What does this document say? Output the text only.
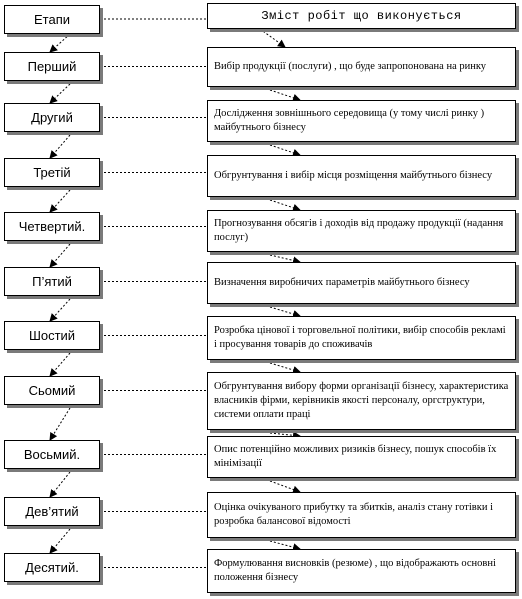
Перший	Вибір продукції (послуги) , що буде запропонована на ринку
Другий	Дослідження зовнішнього середовища (у тому числі ринку ) майбутнього бізнесу
Третій	Обгрунтування і вибір місця розміщення майбутнього бізнесу
Четвертий.	Прогнозування обсягів і доходів від продажу продукції (надання послуг)
П’ятий	Визначення виробничих параметрів майбутнього бізнесу
Шостий	Розробка цінової і торговельної політики, вибір способів рекламі і просування товарів до споживачів
Сьомий	Обгрунтування вибору форми організації бізнесу, характеристика власників фірми, керівників якості персоналу, оргструктури, системи оплати праці
Восьмий.	Опис потенційно можливих ризиків бізнесу, пошук способів їх мінімізації
Дев’ятий	Оцінка очікуваного прибутку та збитків, аналіз стану готівки і розробка балансової відомості
Десятий.	Формулювання висновків (резюме) , що відображають основні положення бізнесу
Етапи	Зміст робіт що виконується
